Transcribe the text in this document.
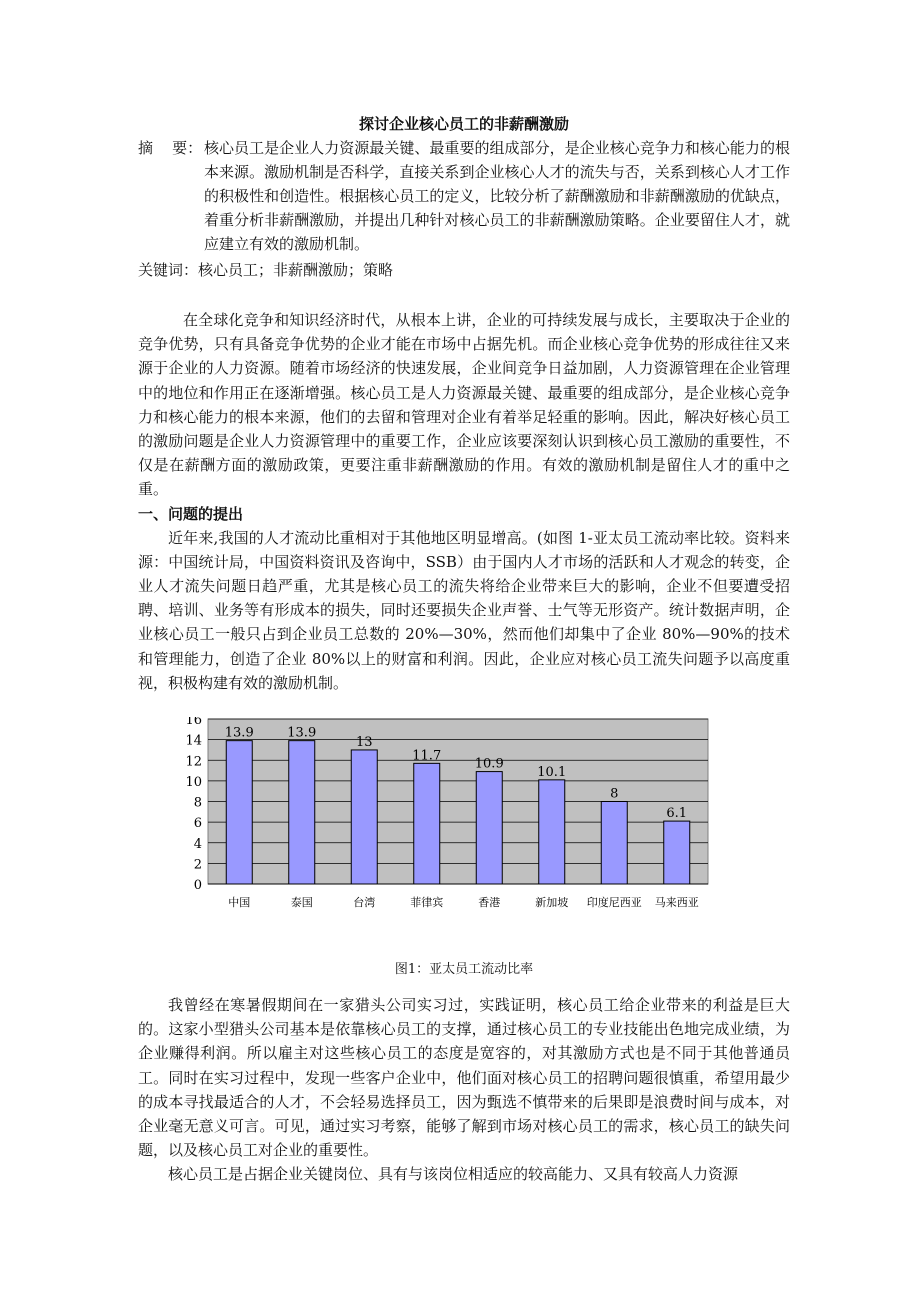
探讨企业核心员工的非薪酬激励
摘    要： 核心员工是企业人力资源最关键、最重要的组成部分，是企业核心竞争力和核心能力的根本来源。激励机制是否科学，直接关系到企业核心人才的流失与否，关系到核心人才工作的积极性和创造性。根据核心员工的定义，比较分析了薪酬激励和非薪酬激励的优缺点，着重分析非薪酬激励，并提出几种针对核心员工的非薪酬激励策略。企业要留住人才，就应建立有效的激励机制。
关键词：核心员工；非薪酬激励；策略

在全球化竞争和知识经济时代，从根本上讲，企业的可持续发展与成长，主要取决于企业的竞争优势，只有具备竞争优势的企业才能在市场中占据先机。而企业核心竞争优势的形成往往又来源于企业的人力资源。随着市场经济的快速发展，企业间竞争日益加剧，人力资源管理在企业管理中的地位和作用正在逐渐增强。核心员工是人力资源最关键、最重要的组成部分，是企业核心竞争力和核心能力的根本来源，他们的去留和管理对企业有着举足轻重的影响。因此，解决好核心员工的激励问题是企业人力资源管理中的重要工作，企业应该要深刻认识到核心员工激励的重要性，不仅是在薪酬方面的激励政策，更要注重非薪酬激励的作用。有效的激励机制是留住人才的重中之重。

一、问题的提出

近年来,我国的人才流动比重相对于其他地区明显增高。(如图 1-亚太员工流动率比较。资料来源：中国统计局，中国资料资讯及咨询中，SSB）由于国内人才市场的活跃和人才观念的转变，企业人才流失问题日趋严重，尤其是核心员工的流失将给企业带来巨大的影响，企业不但要遭受招聘、培训、业务等有形成本的损失，同时还要损失企业声誉、士气等无形资产。统计数据声明，企业核心员工一般只占到企业员工总数的 20%—30%，然而他们却集中了企业 80%—90%的技术和管理能力，创造了企业 80%以上的财富和利润。因此，企业应对核心员工流失问题予以高度重视，积极构建有效的激励机制。

0
2
4
6
8
10
12
14
16
13.9
中国
13.9
泰国
13
台湾
11.7
菲律宾
10.9
香港
10.1
新加坡
8
印度尼西亚
6.1
马来西亚
图1：亚太员工流动比率

我曾经在寒暑假期间在一家猎头公司实习过，实践证明，核心员工给企业带来的利益是巨大的。这家小型猎头公司基本是依靠核心员工的支撑，通过核心员工的专业技能出色地完成业绩，为企业赚得利润。所以雇主对这些核心员工的态度是宽容的，对其激励方式也是不同于其他普通员工。同时在实习过程中，发现一些客户企业中，他们面对核心员工的招聘问题很慎重，希望用最少的成本寻找最适合的人才，不会轻易选择员工，因为甄选不慎带来的后果即是浪费时间与成本，对企业毫无意义可言。可见，通过实习考察，能够了解到市场对核心员工的需求，核心员工的缺失问题，以及核心员工对企业的重要性。

核心员工是占据企业关键岗位、具有与该岗位相适应的较高能力、又具有较高人力资源
